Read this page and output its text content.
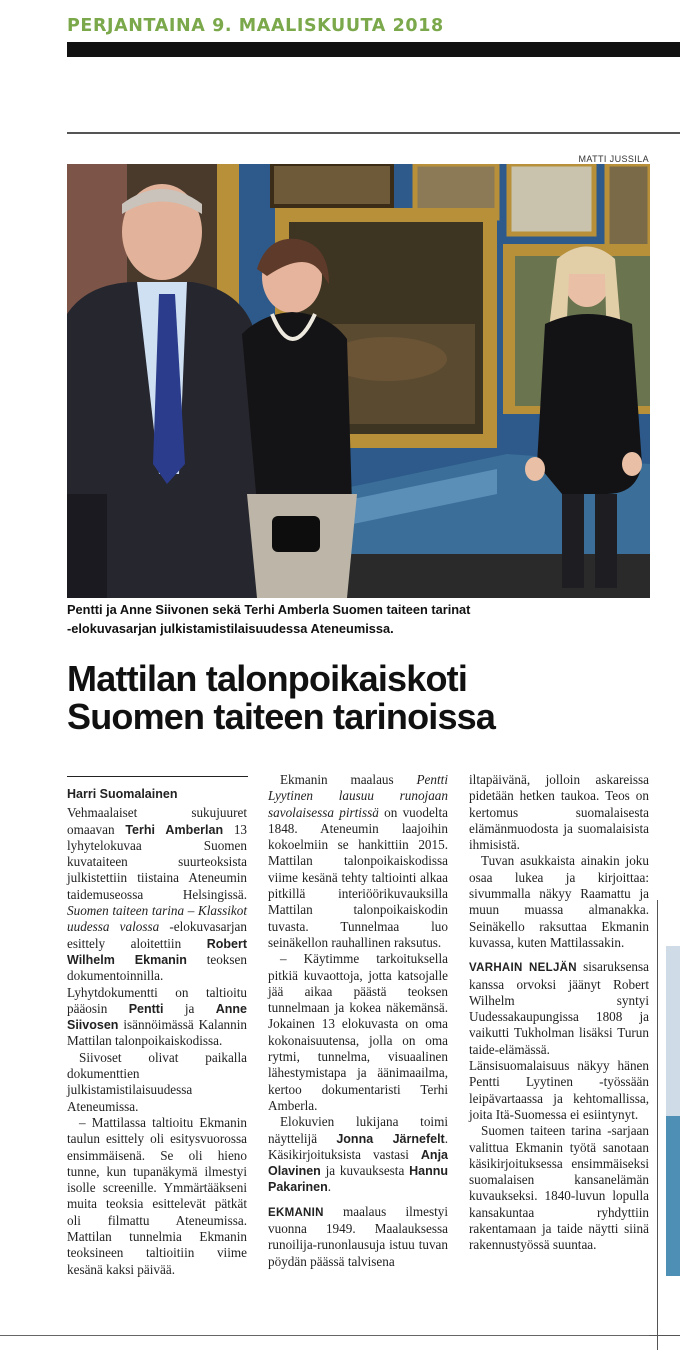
PERJANTAINA 9. MAALISKUUTA 2018
MATTI JUSSILA
Pentti ja Anne Siivonen sekä Terhi Amberla Suomen taiteen tarinat
-elokuvasarjan julkistamistilaisuudessa Ateneumissa.
Mattilan talonpoikaiskoti
Suomen taiteen tarinoissa
Harri Suomalainen

Vehmaalaiset sukujuuret omaavan Terhi Amberlan 13 lyhytelokuvaa Suomen kuvataiteen suurteoksista julkistettiin tiistaina Ateneumin taidemuseossa Helsingissä. Suomen taiteen tarina – Klassikot uudessa valossa -elokuvasarjan esittely aloitettiin Robert Wilhelm Ekmanin teoksen dokumentoinnilla. Lyhytdokumentti on taltioitu pääosin Pentti ja Anne Siivosen isännöimässä Kalannin Mattilan talonpoikaiskodissa.

Siivoset olivat paikalla dokumenttien julkistamistilaisuudessa Ateneumissa.

– Mattilassa taltioitu Ekmanin taulun esittely oli esitysvuorossa ensimmäisenä. Se oli hieno tunne, kun tupanäkymä ilmestyi isolle screenille. Ymmärtääkseni muita teoksia esittelevät pätkät oli filmattu Ateneumissa. Mattilan tunnelmia Ekmanin teoksineen taltioitiin viime kesänä kaksi päivää.

Ekmanin maalaus Pentti Lyytinen lausuu runojaan savolaisessa pirtissä on vuodelta 1848. Ateneumin laajoihin kokoelmiin se hankittiin 2015. Mattilan talonpoikaiskodissa viime kesänä tehty taltiointi alkaa pitkillä interiöörikuvauksilla Mattilan talonpoikaiskodin tuvasta. Tunnelmaa luo seinäkellon rauhallinen raksutus.

– Käytimme tarkoituksella pitkiä kuvaottoja, jotta katsojalle jää aikaa päästä teoksen tunnelmaan ja kokea näkemänsä. Jokainen 13 elokuvasta on oma kokonaisuutensa, jolla on oma rytmi, tunnelma, visuaalinen lähestymistapa ja äänimaailma, kertoo dokumentaristi Terhi Amberla.

Elokuvien lukijana toimi näyttelijä Jonna Järnefelt. Käsikirjoituksista vastasi Anja Olavinen ja kuvauksesta Hannu Pakarinen.

EKMANIN maalaus ilmestyi vuonna 1949. Maalauksessa runoilija-runonlausuja istuu tuvan pöydän päässä talvisena

iltapäivänä, jolloin askareissa pidetään hetken taukoa. Teos on kertomus suomalaisesta elämänmuodosta ja suomalaisista ihmisistä.

Tuvan asukkaista ainakin joku osaa lukea ja kirjoittaa: sivummalla näkyy Raamattu ja muun muassa almanakka. Seinäkello raksuttaa Ekmanin kuvassa, kuten Mattilassakin.

VARHAIN NELJÄN sisaruksensa kanssa orvoksi jäänyt Robert Wilhelm syntyi Uudessakaupungissa 1808 ja vaikutti Tukholman lisäksi Turun taide-elämässä. Länsisuomalaisuus näkyy hänen Pentti Lyytinen -työssään leipävartaassa ja kehtomallissa, joita Itä-Suomessa ei esiintynyt.

Suomen taiteen tarina -sarjaan valittua Ekmanin työtä sanotaan käsikirjoituksessa ensimmäiseksi suomalaisen kansanelämän kuvaukseksi. 1840-luvun lopulla kansakuntaa ryhdyttiin rakentamaan ja taide näytti siinä rakennustyössä suuntaa.
